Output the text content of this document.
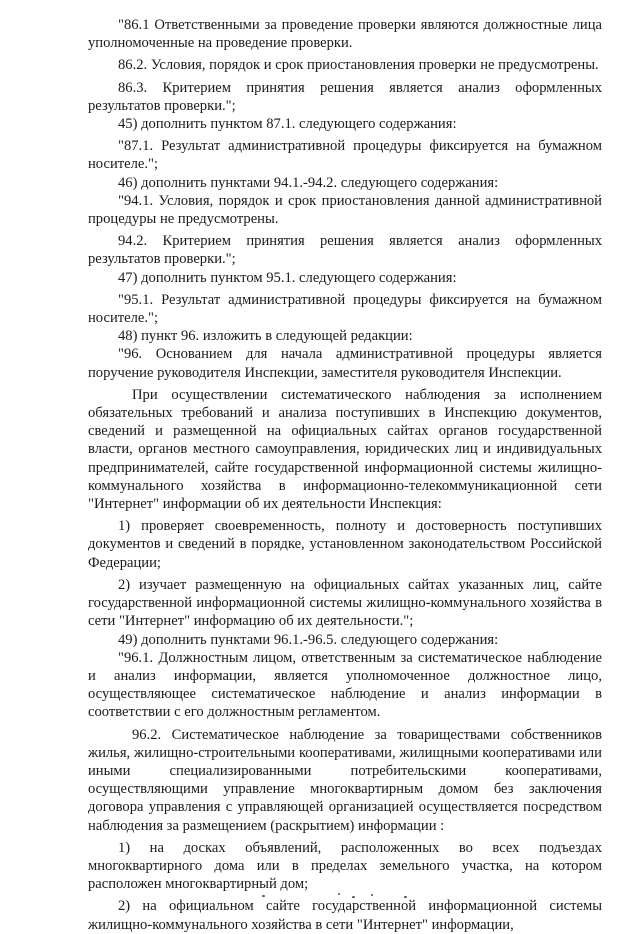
"86.1 Ответственными за проведение проверки являются должностные лица уполномоченные на проведение проверки.

86.2. Условия, порядок и срок приостановления проверки не предусмотрены.

86.3. Критерием принятия решения является анализ оформленных результатов проверки.";

45) дополнить пунктом 87.1. следующего содержания:

"87.1. Результат административной процедуры фиксируется на бумажном носителе.";

46) дополнить пунктами 94.1.-94.2. следующего содержания:

"94.1. Условия, порядок и срок приостановления данной административной процедуры не предусмотрены.

94.2. Критерием принятия решения является анализ оформленных результатов проверки.";

47) дополнить пунктом 95.1. следующего содержания:

"95.1. Результат административной процедуры фиксируется на бумажном носителе.";

48) пункт 96. изложить в следующей редакции:

"96. Основанием для начала административной процедуры является поручение руководителя Инспекции, заместителя руководителя Инспекции.

При осуществлении систематического наблюдения за исполнением обязательных требований и анализа поступивших в Инспекцию документов, сведений и размещенной на официальных сайтах органов государственной власти, органов местного самоуправления, юридических лиц и индивидуальных предпринимателей, сайте государственной информационной системы жилищно-коммунального хозяйства в информационно-телекоммуникационной сети "Интернет" информации об их деятельности Инспекция:

1) проверяет своевременность, полноту и достоверность поступивших документов и сведений в порядке, установленном законодательством Российской Федерации;

2) изучает размещенную на официальных сайтах указанных лиц, сайте государственной информационной системы жилищно-коммунального хозяйства в сети "Интернет" информацию об их деятельности.";

49) дополнить пунктами 96.1.-96.5. следующего содержания:

"96.1. Должностным лицом, ответственным за систематическое наблюдение и анализ информации, является уполномоченное должностное лицо, осуществляющее систематическое наблюдение и анализ информации в соответствии с его должностным регламентом.

96.2. Систематическое наблюдение за товариществами собственников жилья, жилищно-строительными кооперативами, жилищными кооперативами или иными специализированными потребительскими кооперативами, осуществляющими управление многоквартирным домом без заключения договора управления с управляющей организацией осуществляется посредством наблюдения за размещением (раскрытием) информации :

1) на досках объявлений, расположенных во всех подъездах многоквартирного дома или в пределах земельного участка, на котором расположен многоквартирный дом;

2) на официальном сайте государственной информационной системы жилищно-коммунального хозяйства в сети "Интернет" информации,
